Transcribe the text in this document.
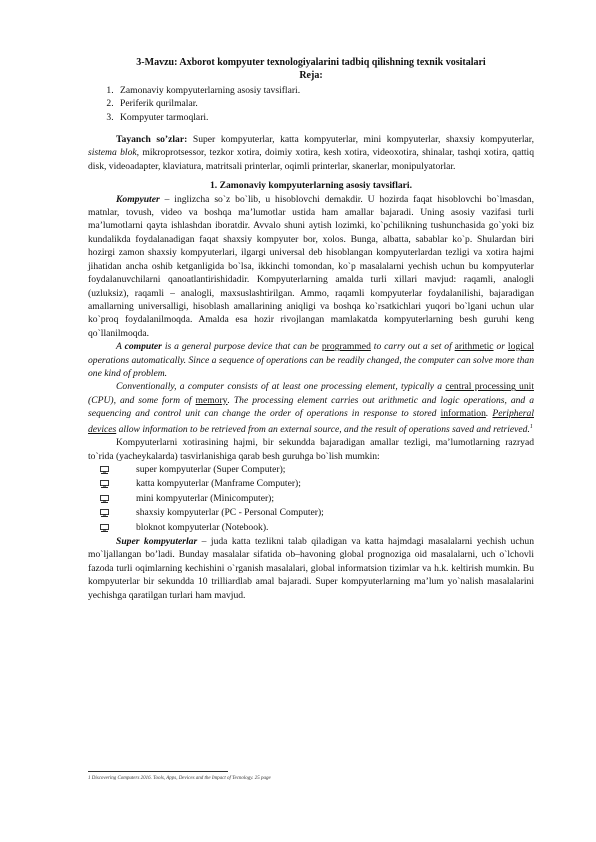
3-Mavzu: Axborot kompyuter texnologiyalarini tadbiq qilishning texnik vositalari

Reja:

1. Zamonaviy kompyuterlarning asosiy tavsiflari.
2. Periferik qurilmalar.
3. Kompyuter tarmoqlari.

Tayanch so’zlar: Super kompyuterlar, katta kompyuterlar, mini kompyuterlar, shaxsiy kompyuterlar, sistema blok, mikroprotsessor, tezkor xotira, doimiy xotira, kesh xotira, videoxotira, shinalar, tashqi xotira, qattiq disk, videoadapter, klaviatura, matritsali printerlar, oqimli printerlar, skanerlar, monipulyatorlar.

1. Zamonaviy kompyuterlarning asosiy tavsiflari.

Kompyuter – inglizcha so`z bo`lib, u hisoblovchi demakdir. U hozirda faqat hisoblovchi bo`lmasdan, matnlar, tovush, video va boshqa ma’lumotlar ustida ham amallar bajaradi. Uning asosiy vazifasi turli ma’lumotlarni qayta ishlashdan iboratdir. Avvalo shuni aytish lozimki, ko`pchilikning tushunchasida go`yoki biz kundalikda foydalanadigan faqat shaxsiy kompyuter bor, xolos. Bunga, albatta, sabablar ko`p. Shulardan biri hozirgi zamon shaxsiy kompyuterlari, ilgargi universal deb hisoblangan kompyuterlardan tezligi va xotira hajmi jihatidan ancha oshib ketganligida bo`lsa, ikkinchi tomondan, ko`p masalalarni yechish uchun bu kompyuterlar foydalanuvchilarni qanoatlantirishidadir. Kompyuterlarning amalda turli xillari mavjud: raqamli, analogli (uzluksiz), raqamli – analogli, maxsuslashtirilgan. Ammo, raqamli kompyuterlar foydalanilishi, bajaradigan amallarning universalligi, hisoblash amallarining aniqligi va boshqa ko`rsatkichlari yuqori bo`lgani uchun ular ko`proq foydalanilmoqda. Amalda esa hozir rivojlangan mamlakatda kompyuterlarning besh guruhi keng qo`llanilmoqda.

A computer is a general purpose device that can be programmed to carry out a set of arithmetic or logical operations automatically. Since a sequence of operations can be readily changed, the computer can solve more than one kind of problem.

Conventionally, a computer consists of at least one processing element, typically a central processing unit (CPU), and some form of memory. The processing element carries out arithmetic and logic operations, and a sequencing and control unit can change the order of operations in response to stored information. Peripheral devices allow information to be retrieved from an external source, and the result of operations saved and retrieved.$^1$

Kompyuterlarni xotirasining hajmi, bir sekundda bajaradigan amallar tezligi, ma’lumotlarning razryad to`rida (yacheykalarda) tasvirlanishiga qarab besh guruhga bo`lish mumkin:

super kompyuterlar (Super Computer);
katta kompyuterlar (Manframe Computer);
mini kompyuterlar (Minicomputer);
shaxsiy kompyuterlar (PC - Personal Computer);
bloknot kompyuterlar (Notebook).

Super kompyuterlar – juda katta tezlikni talab qiladigan va katta hajmdagi masalalarni yechish uchun mo`ljallangan bo’ladi. Bunday masalalar sifatida ob–havoning global prognoziga oid masalalarni, uch o`lchovli fazoda turli oqimlarning kechishini o`rganish masalalari, global informatsion tizimlar va h.k. keltirish mumkin. Bu kompyuterlar bir sekundda 10 trilliardlab amal bajaradi. Super kompyuterlarning ma’lum yo`nalish masalalarini yechishga qaratilgan turlari ham mavjud.

1 Discovering Computers 2016. Tools, Apps, Devices and the Impact of Tecnology. 25 page
